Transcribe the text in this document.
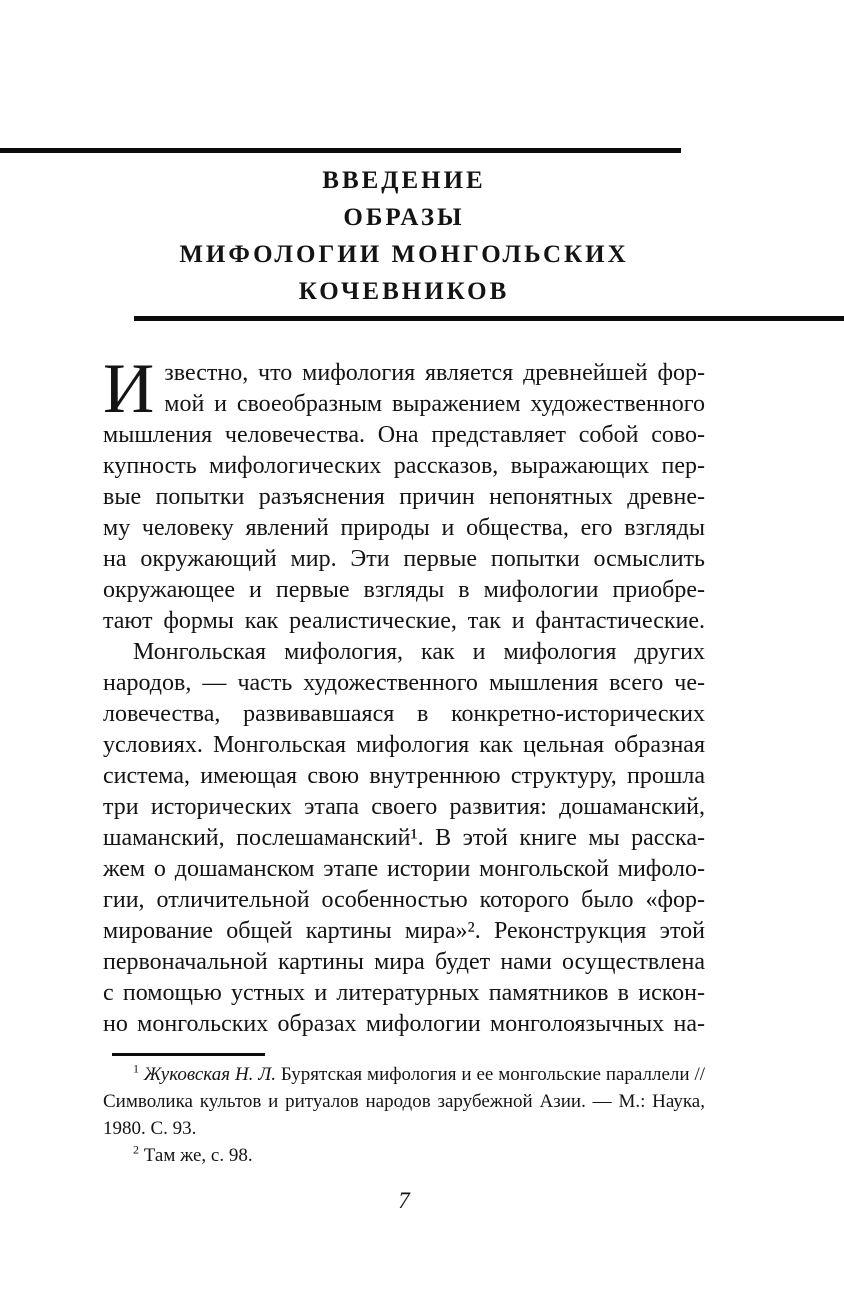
ВВЕДЕНИЕ
ОБРАЗЫ
МИФОЛОГИИ МОНГОЛЬСКИХ
КОЧЕВНИКОВ
И звестно, что мифология является древнейшей фор-
мой и своеобразным выражением художественного
мышления человечества. Она представляет собой сово-
купность мифологических рассказов, выражающих пер-
вые попытки разъяснения причин непонятных древне-
му человеку явлений природы и общества, его взгляды
на окружающий мир. Эти первые попытки осмыслить
окружающее и первые взгляды в мифологии приобре-
тают формы как реалистические, так и фантастические.
Монгольская мифология, как и мифология других
народов, — часть художественного мышления всего че-
ловечества, развивавшаяся в конкретно-исторических
условиях. Монгольская мифология как цельная образная
система, имеющая свою внутреннюю структуру, прошла
три исторических этапа своего развития: дошаманский,
шаманский, послешаманский¹. В этой книге мы расска-
жем о дошаманском этапе истории монгольской мифоло-
гии, отличительной особенностью которого было «фор-
мирование общей картины мира»². Реконструкция этой
первоначальной картины мира будет нами осуществлена
с помощью устных и литературных памятников в искон-
но монгольских образах мифологии монголоязычных на-
$^1$ Жуковская Н. Л. Бурятская мифология и ее монгольские параллели //
Символика культов и ритуалов народов зарубежной Азии. — М.: Наука,
1980. С. 93.
$^2$ Там же, с. 98.
7
